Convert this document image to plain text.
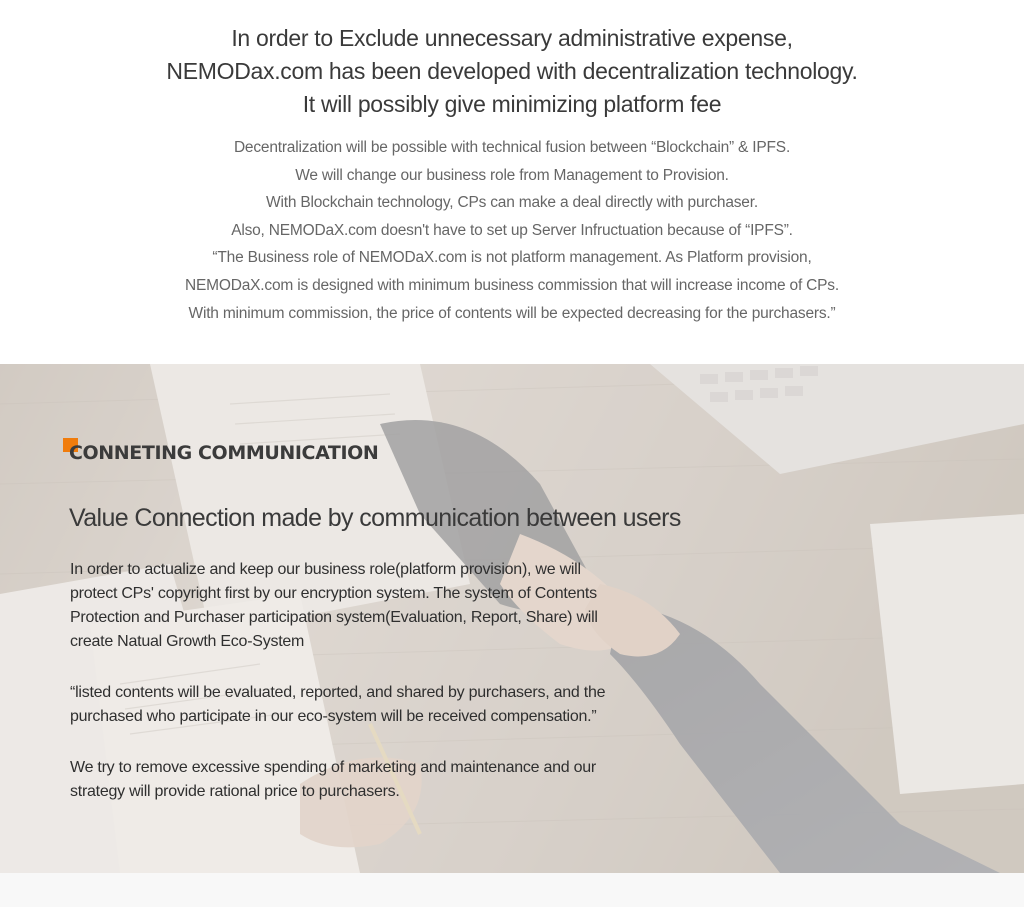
In order to Exclude unnecessary administrative expense,
NEMODax.com has been developed with decentralization technology.
It will possibly give minimizing platform fee
Decentralization will be possible with technical fusion between “Blockchain” & IPFS.
We will change our business role from Management to Provision.
With Blockchain technology, CPs can make a deal directly with purchaser.
Also, NEMODaX.com doesn't have to set up Server Infructuation because of “IPFS”.
“The Business role of NEMODaX.com is not platform management. As Platform provision,
NEMODaX.com is designed with minimum business commission that will increase income of CPs.
With minimum commission, the price of contents will be expected decreasing for the purchasers.”
CONNETING COMMUNICATION
Value Connection made by communication between users
In order to actualize and keep our business role(platform provision), we will
protect CPs' copyright first by our encryption system. The system of Contents
Protection and Purchaser participation system(Evaluation, Report, Share) will
create Natual Growth Eco-System
“listed contents will be evaluated, reported, and shared by purchasers, and the
purchased who participate in our eco-system will be received compensation.”
We try to remove excessive spending of marketing and maintenance and our
strategy will provide rational price to purchasers.
